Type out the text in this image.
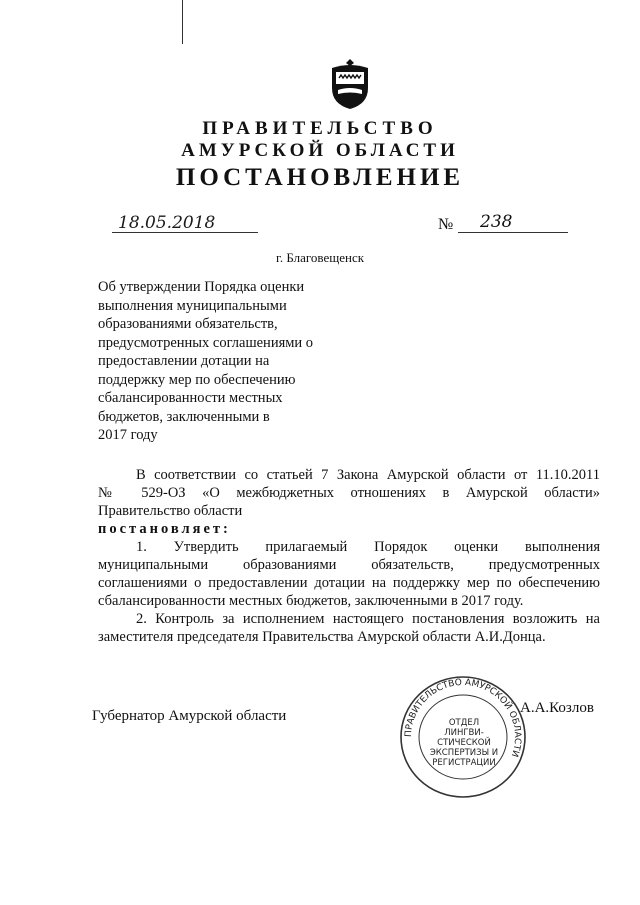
ПРАВИТЕЛЬСТВО
АМУРСКОЙ ОБЛАСТИ
ПОСТАНОВЛЕНИЕ
18.05.2018	№ 238
г. Благовещенск
Об утверждении Порядка оценки
выполнения муниципальными
образованиями обязательств,
предусмотренных соглашениями о
предоставлении дотации на
поддержку мер по обеспечению
сбалансированности местных
бюджетов, заключенными в
2017 году
В соответствии со статьей 7 Закона Амурской области от 11.10.2011
№ 529-ОЗ «О межбюджетных отношениях в Амурской области»
Правительство области
постановляет:
1. Утвердить прилагаемый Порядок оценки выполнения
муниципальными образованиями обязательств, предусмотренных
соглашениями о предоставлении дотации на поддержку мер по обеспечению
сбалансированности местных бюджетов, заключенными в 2017 году.
2. Контроль за исполнением настоящего постановления возложить на
заместителя председателя Правительства Амурской области А.И.Донца.
Губернатор Амурской области
ПРАВИТЕЛЬСТВО АМУРСКОЙ ОБЛАСТИ
ОТДЕЛ
ЛИНГВИ-
СТИЧЕСКОЙ
ЭКСПЕРТИЗЫ И
РЕГИСТРАЦИИ
А.А.Козлов
